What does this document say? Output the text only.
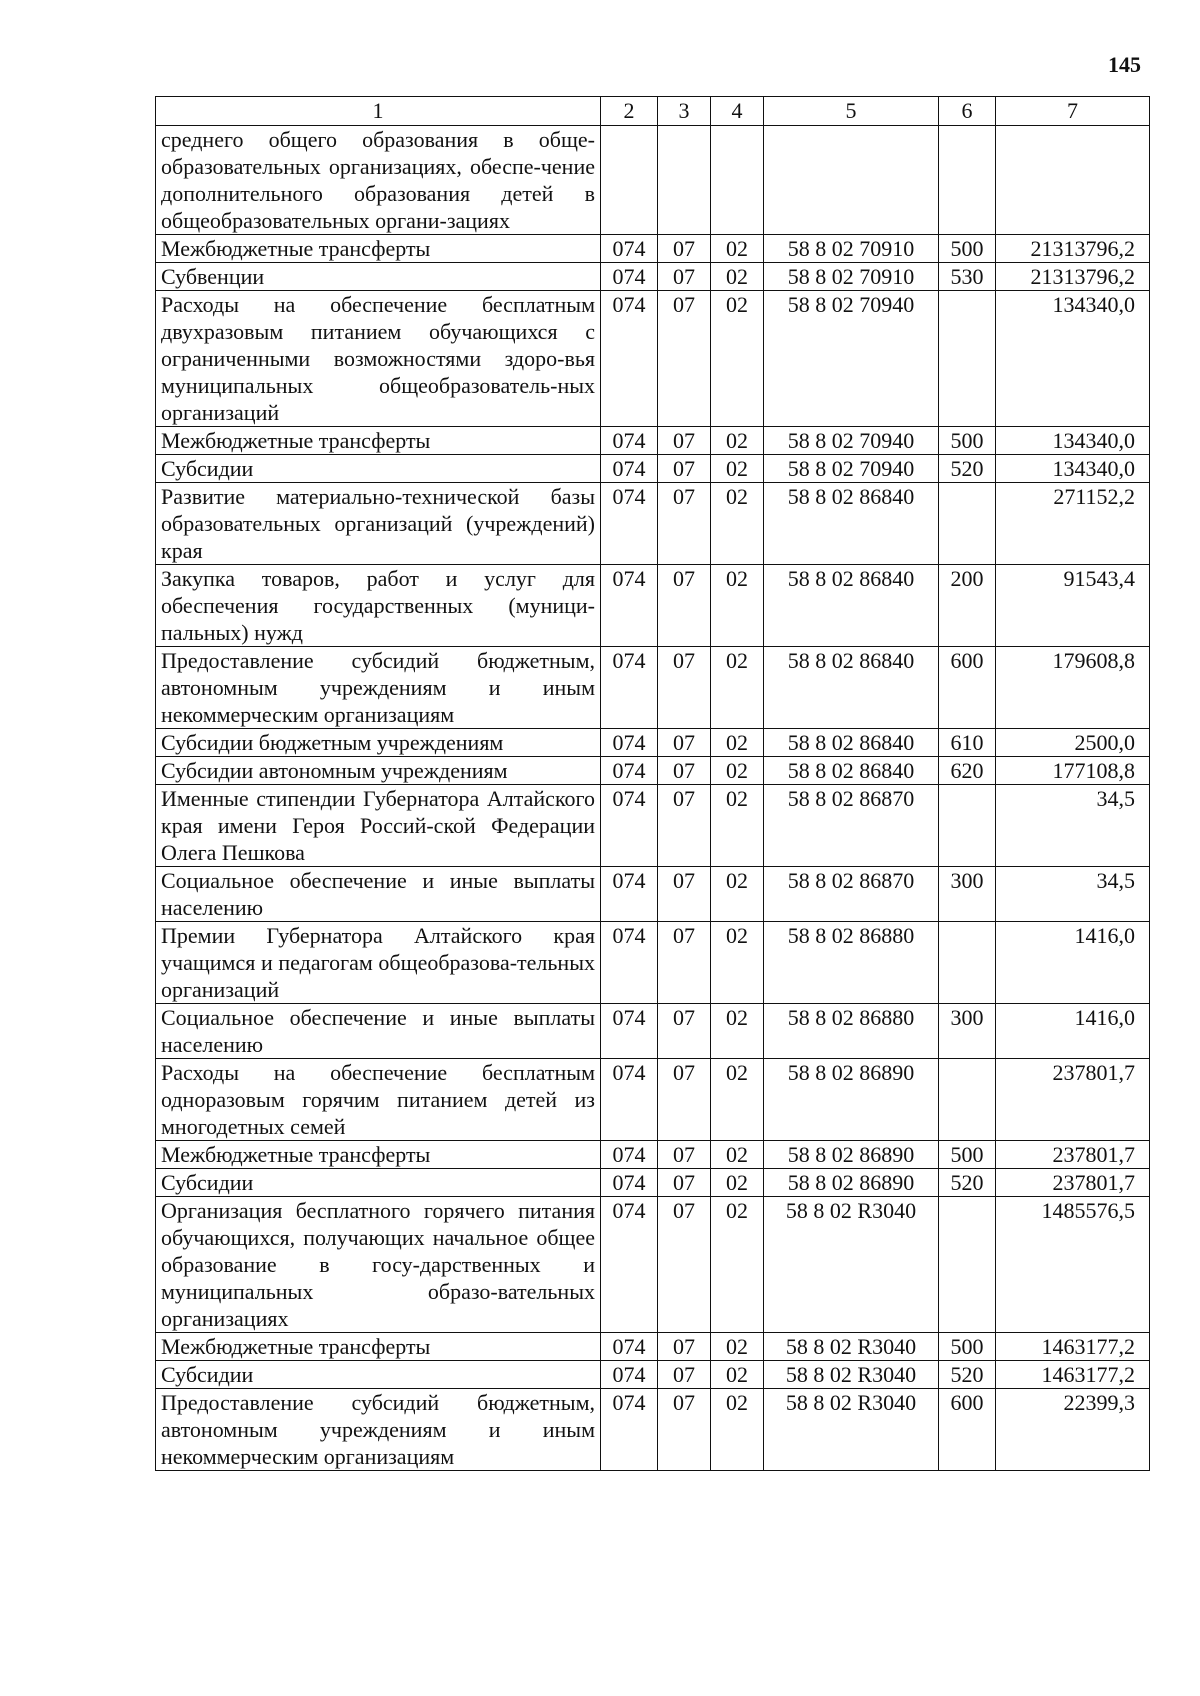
145
1	2	3	4	5	6	7
среднего общего образования в обще-образовательных организациях, обеспе-чение дополнительного образования детей в общеобразовательных органи-зациях						
Межбюджетные трансферты	074	07	02	58 8 02 70910	500	21313796,2
Субвенции	074	07	02	58 8 02 70910	530	21313796,2
Расходы на обеспечение бесплатным двухразовым питанием обучающихся с ограниченными возможностями здоро-вья муниципальных общеобразователь-ных организаций	074	07	02	58 8 02 70940		134340,0
Межбюджетные трансферты	074	07	02	58 8 02 70940	500	134340,0
Субсидии	074	07	02	58 8 02 70940	520	134340,0
Развитие материально-технической базы образовательных организаций (учреждений) края	074	07	02	58 8 02 86840		271152,2
Закупка товаров, работ и услуг для обеспечения государственных (муници-пальных) нужд	074	07	02	58 8 02 86840	200	91543,4
Предоставление субсидий бюджетным, автономным учреждениям и иным некоммерческим организациям	074	07	02	58 8 02 86840	600	179608,8
Субсидии бюджетным учреждениям	074	07	02	58 8 02 86840	610	2500,0
Субсидии автономным учреждениям	074	07	02	58 8 02 86840	620	177108,8
Именные стипендии Губернатора Алтайского края имени Героя Россий-ской Федерации Олега Пешкова	074	07	02	58 8 02 86870		34,5
Социальное обеспечение и иные выплаты населению	074	07	02	58 8 02 86870	300	34,5
Премии Губернатора Алтайского края учащимся и педагогам общеобразова-тельных организаций	074	07	02	58 8 02 86880		1416,0
Социальное обеспечение и иные выплаты населению	074	07	02	58 8 02 86880	300	1416,0
Расходы на обеспечение бесплатным одноразовым горячим питанием детей из многодетных семей	074	07	02	58 8 02 86890		237801,7
Межбюджетные трансферты	074	07	02	58 8 02 86890	500	237801,7
Субсидии	074	07	02	58 8 02 86890	520	237801,7
Организация бесплатного горячего питания обучающихся, получающих начальное общее образование в госу-дарственных и муниципальных образо-вательных организациях	074	07	02	58 8 02 R3040		1485576,5
Межбюджетные трансферты	074	07	02	58 8 02 R3040	500	1463177,2
Субсидии	074	07	02	58 8 02 R3040	520	1463177,2
Предоставление субсидий бюджетным, автономным учреждениям и иным некоммерческим организациям	074	07	02	58 8 02 R3040	600	22399,3
